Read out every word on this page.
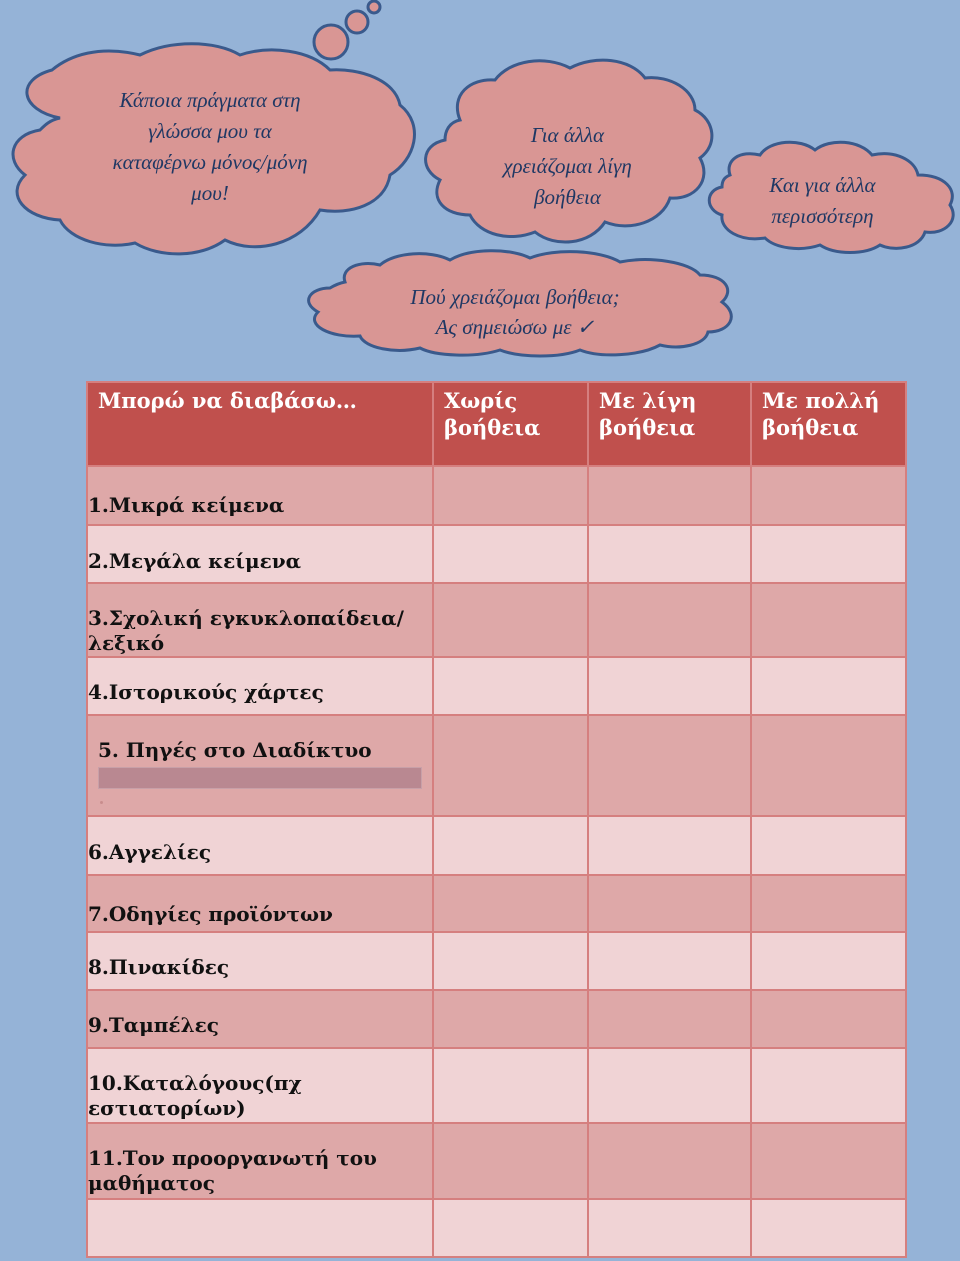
Κάποια πράγματα στη
γλώσσα μου τα
καταφέρνω μόνος/μόνη
μου!
Για άλλα
χρειάζομαι λίγη
βοήθεια	Και για άλλα
περισσότερη
Πού χρειάζομαι βοήθεια;
Ας σημειώσω με ✓
Μπορώ να διαβάσω…	Χωρίς βοήθεια	Με λίγη βοήθεια	Με πολλή βοήθεια
1.Μικρά κείμενα			
2.Μεγάλα κείμενα			
3.Σχολική εγκυκλοπαίδεια/λεξικό			
4.Ιστορικούς χάρτες			
5. Πηγές στο Διαδίκτυο

6.Αγγελίες			
7.Οδηγίες προϊόντων			
8.Πινακίδες			
9.Ταμπέλες			
10.Καταλόγους(πχ εστιατορίων)			
11.Τον προοργανωτή του μαθήματος			
